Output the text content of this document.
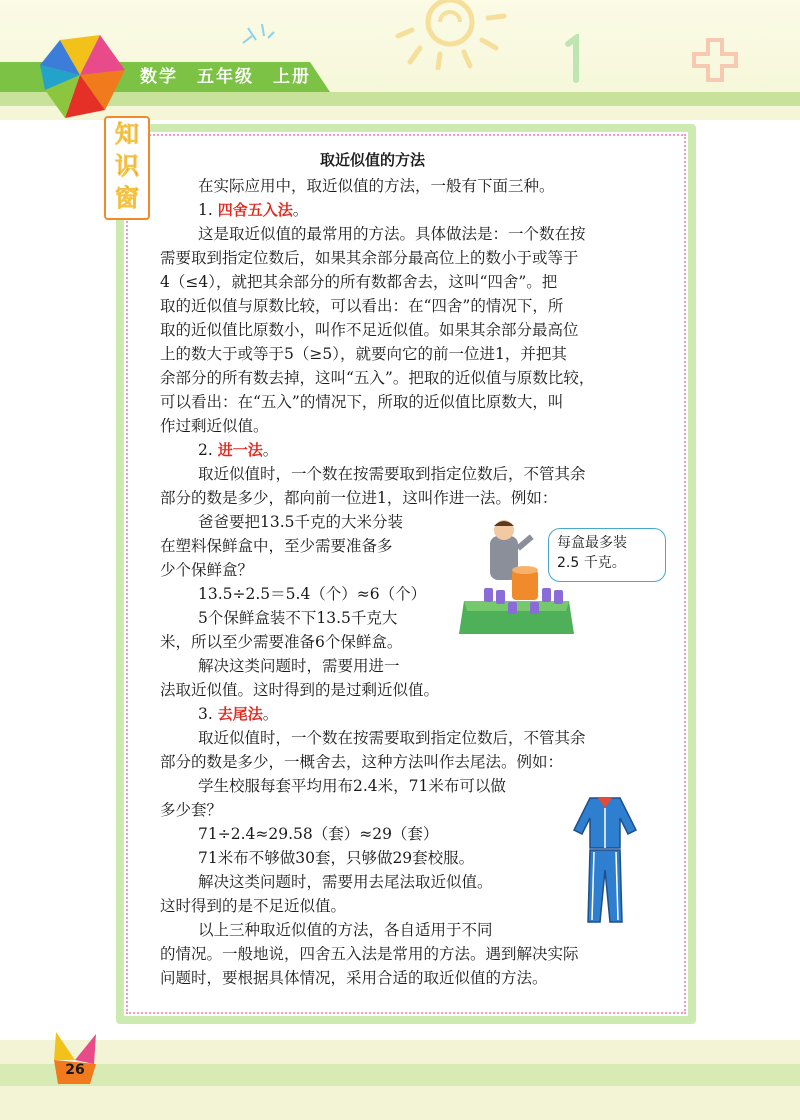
数学　五年级　上册
知
识
窗
取近似值的方法
在实际应用中，取近似值的方法，一般有下面三种。
1. 四舍五入法。
这是取近似值的最常用的方法。具体做法是：一个数在按
需要取到指定位数后，如果其余部分最高位上的数小于或等于
4（≤4），就把其余部分的所有数都舍去，这叫“四舍”。把
取的近似值与原数比较，可以看出：在“四舍”的情况下，所
取的近似值比原数小，叫作不足近似值。如果其余部分最高位
上的数大于或等于5（≥5），就要向它的前一位进1，并把其
余部分的所有数去掉，这叫“五入”。把取的近似值与原数比较，
可以看出：在“五入”的情况下，所取的近似值比原数大，叫
作过剩近似值。
2. 进一法。
取近似值时，一个数在按需要取到指定位数后，不管其余
部分的数是多少，都向前一位进1，这叫作进一法。例如：
爸爸要把13.5千克的大米分装
在塑料保鲜盒中，至少需要准备多
少个保鲜盒？
13.5÷2.5＝5.4（个）≈6（个）
5个保鲜盒装不下13.5千克大
米，所以至少需要准备6个保鲜盒。
解决这类问题时，需要用进一
法取近似值。这时得到的是过剩近似值。
3. 去尾法。
取近似值时，一个数在按需要取到指定位数后，不管其余
部分的数是多少，一概舍去，这种方法叫作去尾法。例如：
学生校服每套平均用布2.4米，71米布可以做
多少套？
71÷2.4≈29.58（套）≈29（套）
71米布不够做30套，只够做29套校服。
解决这类问题时，需要用去尾法取近似值。
这时得到的是不足近似值。
以上三种取近似值的方法，各自适用于不同
的情况。一般地说，四舍五入法是常用的方法。遇到解决实际
问题时，要根据具体情况，采用合适的取近似值的方法。
每盒最多装
2.5 千克。
26
